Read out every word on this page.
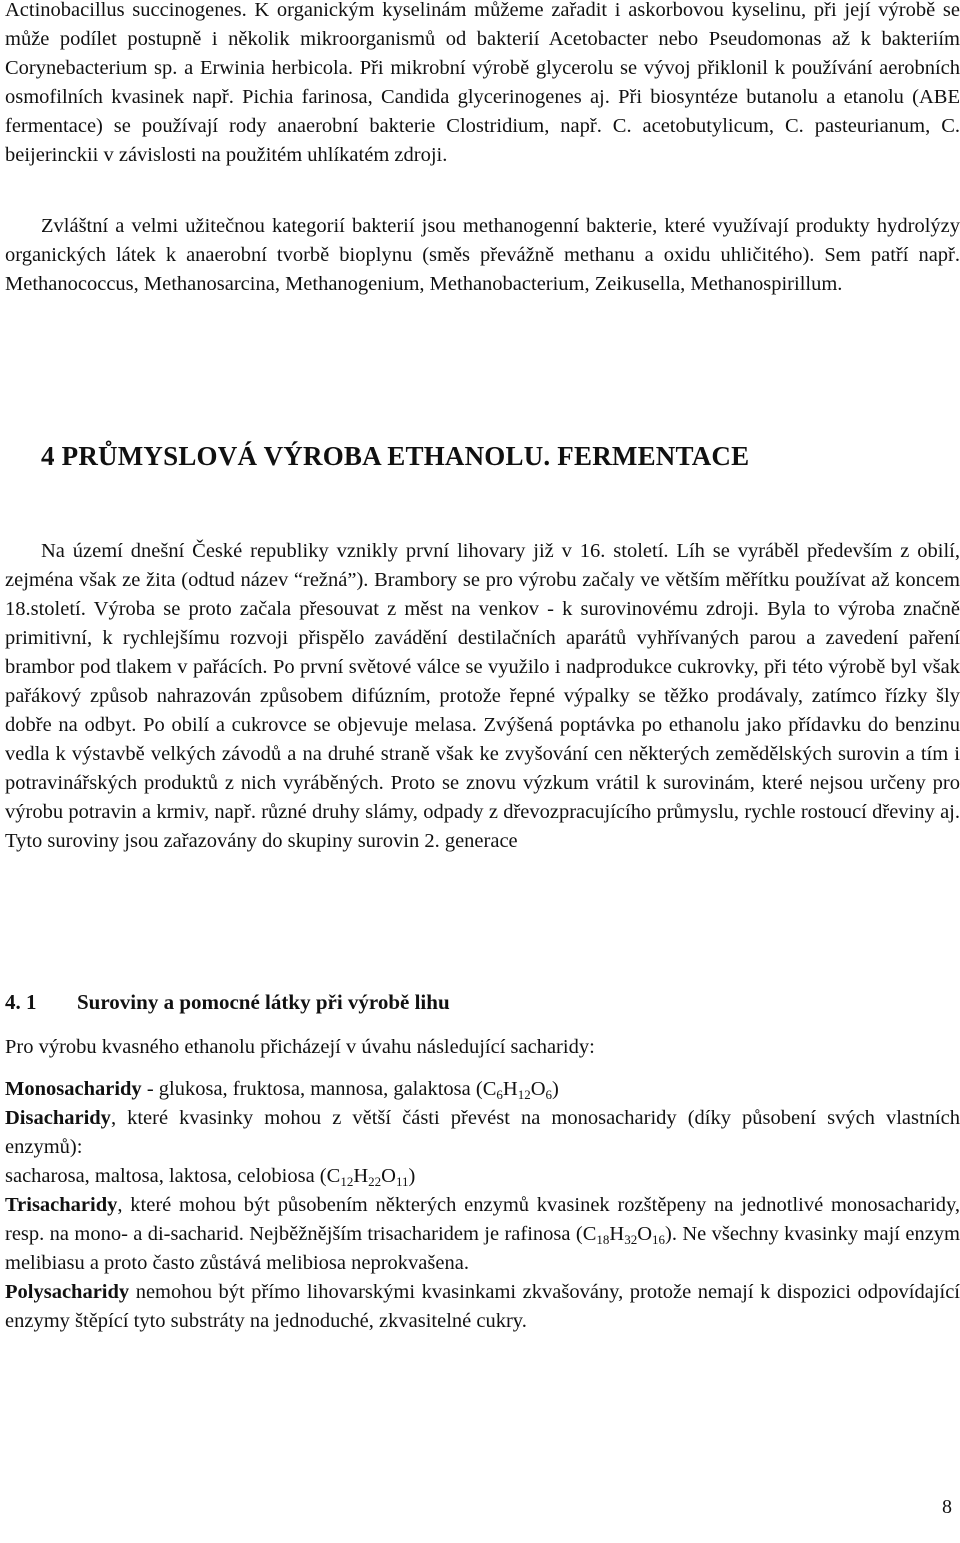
Actinobacillus succinogenes. K organickým kyselinám můžeme zařadit i askorbovou kyselinu, při její výrobě se může podílet postupně i několik mikroorganismů od bakterií Acetobacter nebo Pseudomonas až k bakteriím Corynebacterium sp. a Erwinia herbicola. Při mikrobní výrobě glycerolu se vývoj přiklonil k používání aerobních osmofilních kvasinek např. Pichia farinosa, Candida glycerinogenes aj. Při biosyntéze butanolu a etanolu (ABE fermentace) se používají rody anaerobní bakterie Clostridium, např. C. acetobutylicum, C. pasteurianum, C. beijerinckii v závislosti na použitém uhlíkatém zdroji.

Zvláštní a velmi užitečnou kategorií bakterií jsou methanogenní bakterie, které využívají produkty hydrolýzy organických látek k anaerobní tvorbě bioplynu (směs převážně methanu a oxidu uhličitého). Sem patří např. Methanococcus, Methanosarcina, Methanogenium, Methanobacterium, Zeikusella, Methanospirillum.

4 PRŮMYSLOVÁ VÝROBA ETHANOLU. FERMENTACE

Na území dnešní České republiky vznikly první lihovary již v 16. století. Líh se vyráběl především z obilí, zejména však ze žita (odtud název “režná”). Brambory se pro výrobu začaly ve větším měřítku používat až koncem 18.století. Výroba se proto začala přesouvat z měst na venkov - k surovinovému zdroji. Byla to výroba značně primitivní, k rychlejšímu rozvoji přispělo zavádění destilačních aparátů vyhřívaných parou a zavedení paření brambor pod tlakem v pařácích. Po první světové válce se využilo i nadprodukce cukrovky, při této výrobě byl však pařákový způsob nahrazován způsobem difúzním, protože řepné výpalky se těžko prodávaly, zatímco řízky šly dobře na odbyt. Po obilí a cukrovce se objevuje melasa. Zvýšená poptávka po ethanolu jako přídavku do benzinu vedla k výstavbě velkých závodů a na druhé straně však ke zvyšování cen některých zemědělských surovin a tím i potravinářských produktů z nich vyráběných. Proto se znovu výzkum vrátil k surovinám, které nejsou určeny pro výrobu potravin a krmiv, např. různé druhy slámy, odpady z dřevozpracujícího průmyslu, rychle rostoucí dřeviny aj. Tyto suroviny jsou zařazovány do skupiny surovin 2. generace

4. 1 Suroviny a pomocné látky při výrobě lihu

Pro výrobu kvasného ethanolu přicházejí v úvahu následující sacharidy:

Monosacharidy - glukosa, fruktosa, mannosa, galaktosa $(C_6H_{12}O_6)$

Disacharidy, které kvasinky mohou z větší části převést na monosacharidy (díky působení svých vlastních enzymů):

sacharosa, maltosa, laktosa, celobiosa $(C_{12}H_{22}O_{11})$

Trisacharidy, které mohou být působením některých enzymů kvasinek rozštěpeny na jednotlivé monosacharidy, resp. na mono- a di-sacharid. Nejběžnějším trisacharidem je rafinosa $(C_{18}H_{32}O_{16})$. Ne všechny kvasinky mají enzym melibiasu a proto často zůstává melibiosa neprokvašena.

Polysacharidy nemohou být přímo lihovarskými kvasinkami zkvašovány, protože nemají k dispozici odpovídající enzymy štěpící tyto substráty na jednoduché, zkvasitelné cukry.

8
